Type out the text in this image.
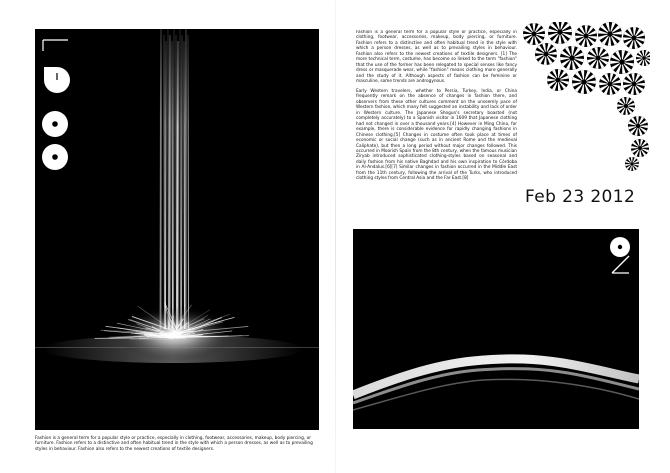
Fashion is a general term for a popular style or practice, especially in clothing, footwear, accessories, makeup, body piercing, or furniture. Fashion refers to a distinctive and often habitual trend in the style with which a person dresses, as well as to prevailing styles in behaviour. Fashion also refers to the newest creations of textile designers.

Fashion is a general term for a popular style or practice, especially in clothing, footwear, accessories, makeup, body piercing, or furniture. Fashion refers to a distinctive and often habitual trend in the style with which a person dresses, as well as to prevailing styles in behaviour. Fashion also refers to the newest creations of textile designers. [1] The more technical term, costume, has become so linked to the term "fashion" that the use of the former has been relegated to special senses like fancy dress or masquerade wear, while "fashion" means clothing more generally and the study of it. Although aspects of fashion can be feminine or masculine, some trends are androgynous.

Early Western travelers, whether to Persia, Turkey, India, or China frequently remark on the absence of changes in fashion there, and observers from these other cultures comment on the unseemly pace of Western fashion, which many felt suggested an instability and lack of order in Western culture. The Japanese Shogun's secretary boasted (not completely accurately) to a Spanish visitor in 1609 that Japanese clothing had not changed in over a thousand years.[4] However in Ming China, for example, there is considerable evidence for rapidly changing fashions in Chinese clothing.[5] Changes in costume often took place at times of economic or social change (such as in ancient Rome and the medieval Caliphate), but then a long period without major changes followed. This occurred in Moorish Spain from the 8th century, when the famous musician Ziryab introduced sophisticated clothing-styles based on seasonal and daily fashion from his native Baghdad and his own inspiration to Córdoba in Al-Andalus.[6][7] Similar changes in fashion occurred in the Middle East from the 11th century, following the arrival of the Turks, who introduced clothing styles from Central Asia and the Far East.[8]

Feb 23 2012
